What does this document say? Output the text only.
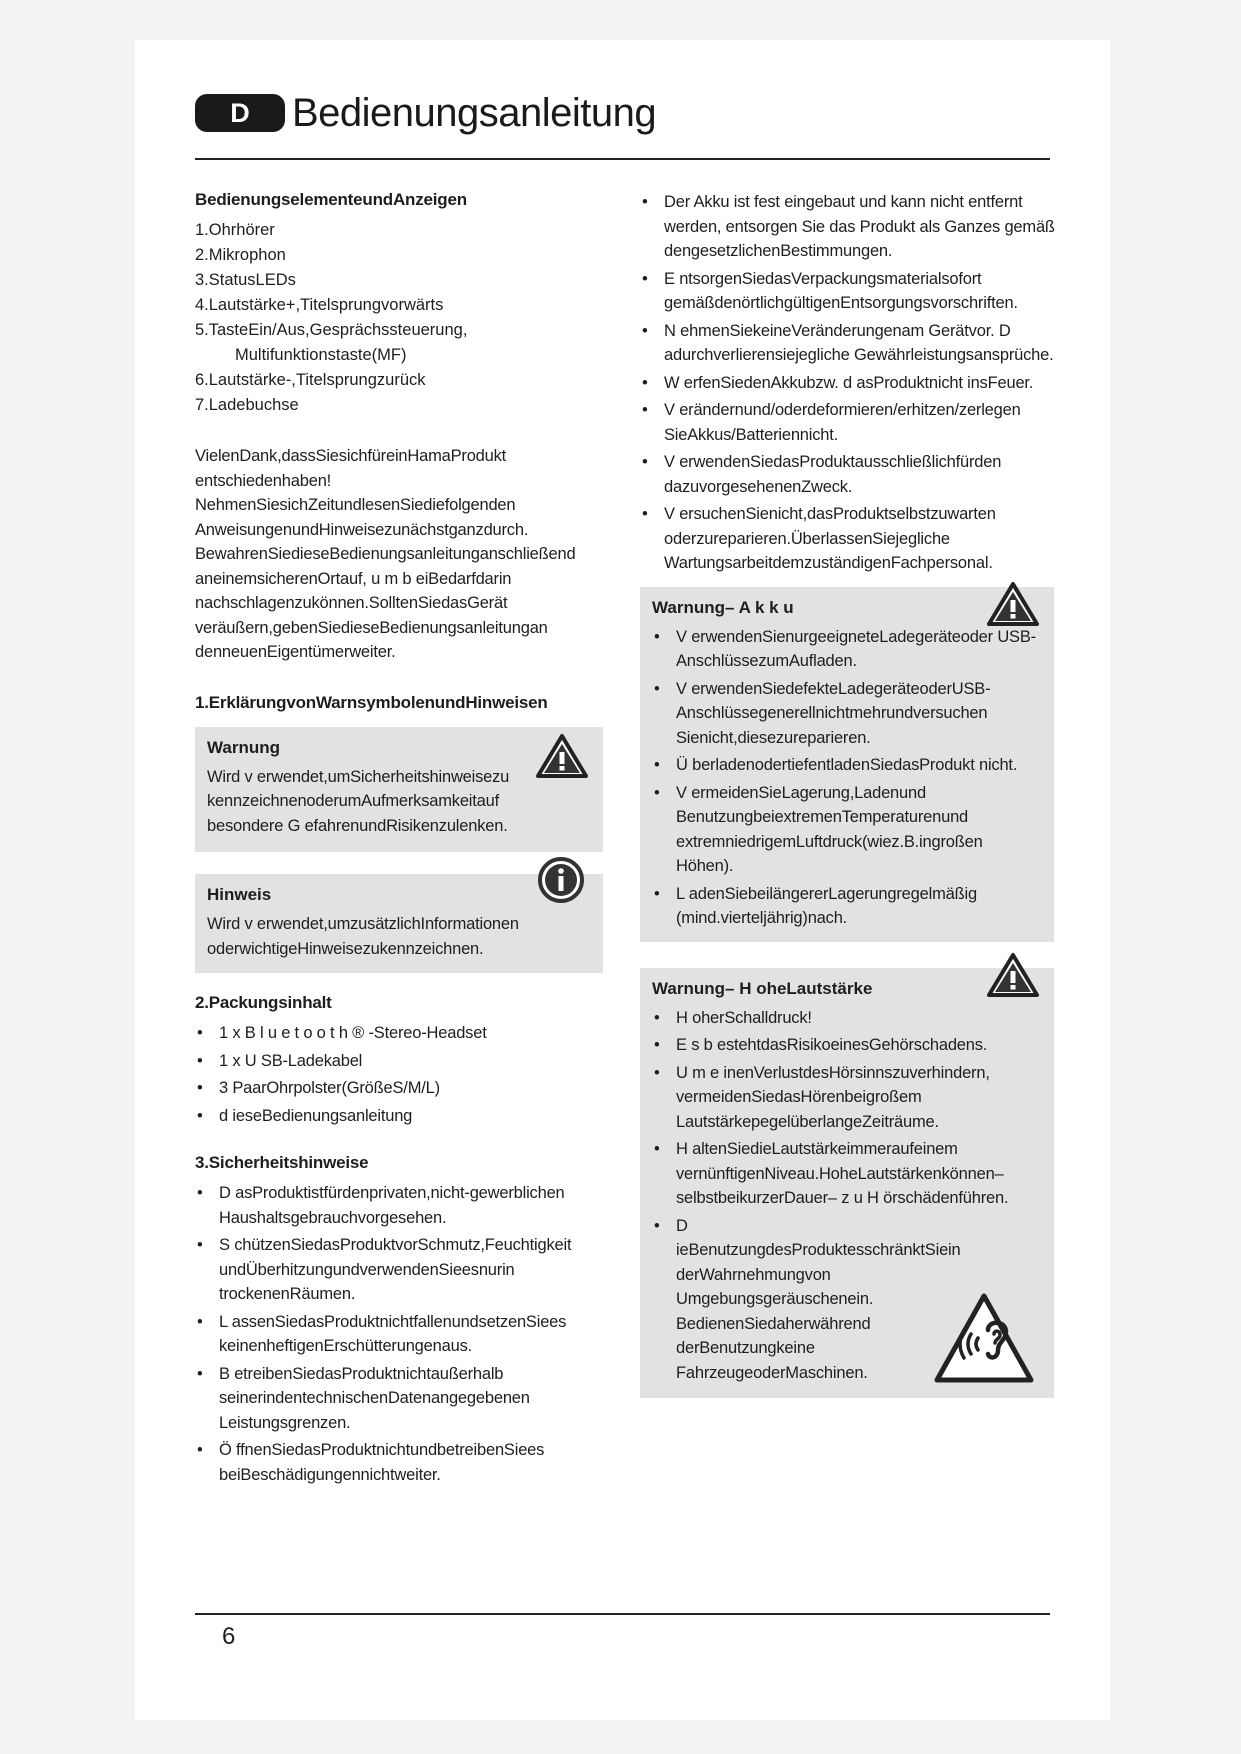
D	Bedienungsanleitung
BedienungselementeundAnzeigen
1.Ohrhörer
2.Mikrophon
3.StatusLEDs
4.Lautstärke+,Titelsprungvorwärts
5.TasteEin/Aus,Gesprächssteuerung,
Multifunktionstaste(MF)
6.Lautstärke-,Titelsprungzurück
7.Ladebuchse
VielenDank,dassSiesichfüreinHamaProdukt entschiedenhaben!
NehmenSiesichZeitundlesenSiediefolgenden AnweisungenundHinweisezunächstganzdurch.
BewahrenSiedieseBedienungsanleitunganschließend aneinemsicherenOrtauf, u m b eiBedarfdarin nachschlagenzukönnen.SolltenSiedasGerät veräußern,gebenSiedieseBedienungsanleitungan denneuenEigentümerweiter.
1.ErklärungvonWarnsymbolenundHinweisen
Warnung
Wird v erwendet,umSicherheitshinweisezu kennzeichnenoderumAufmerksamkeitauf besondere G efahrenundRisikenzulenken.
Hinweis
Wird v erwendet,umzusätzlichInformationen oderwichtigeHinweisezukennzeichnen.
2.Packungsinhalt
• 1 x B l u e t o o t h ® -Stereo-Headset
• 1 x U SB-Ladekabel
• 3 PaarOhrpolster(GrößeS/M/L)
• d ieseBedienungsanleitung
3.Sicherheitshinweise
• D asProduktistfürdenprivaten,nicht-gewerblichen Haushaltsgebrauchvorgesehen.
• S chützenSiedasProduktvorSchmutz,Feuchtigkeit undÜberhitzungundverwendenSieesnurin trockenenRäumen.
• L assenSiedasProduktnichtfallenundsetzenSiees keinenheftigenErschütterungenaus.
• B etreibenSiedasProduktnichtaußerhalb seinerindentechnischenDatenangegebenen Leistungsgrenzen.
• Ö ffnenSiedasProduktnichtundbetreibenSiees beiBeschädigungennichtweiter.
• Der Akku ist fest eingebaut und kann nicht entfernt werden, entsorgen Sie das Produkt als Ganzes gemäß dengesetzlichenBestimmungen.
• E ntsorgenSiedasVerpackungsmaterialsofort gemäßdenörtlichgültigenEntsorgungsvorschriften.
• N ehmenSiekeineVeränderungenam Gerätvor. D adurchverlierensiejegliche Gewährleistungsansprüche.
• W erfenSiedenAkkubzw. d asProduktnicht insFeuer.
• V erändernund/oderdeformieren/erhitzen/zerlegen SieAkkus/Batteriennicht.
• V erwendenSiedasProduktausschließlichfürden dazuvorgesehenenZweck.
• V ersuchenSienicht,dasProduktselbstzuwarten oderzureparieren.ÜberlassenSiejegliche WartungsarbeitdemzuständigenFachpersonal.
Warnung– A k k u
• V erwendenSienurgeeigneteLadegeräteoder USB-AnschlüssezumAufladen.
• V erwendenSiedefekteLadegeräteoderUSB- Anschlüssegenerellnichtmehrundversuchen Sienicht,diesezureparieren.
• Ü berladenodertiefentladenSiedasProdukt nicht.
• V ermeidenSieLagerung,Ladenund BenutzungbeiextremenTemperaturenund extremniedrigemLuftdruck(wiez.B.ingroßen Höhen).
• L adenSiebeilängererLagerungregelmäßig (mind.vierteljährig)nach.
Warnung– H oheLautstärke
• H oherSchalldruck!
• E s b estehtdasRisikoeinesGehörschadens.
• U m e inenVerlustdesHörsinnszuverhindern, vermeidenSiedasHörenbeigroßem LautstärkepegelüberlangeZeiträume.
• H altenSiedieLautstärkeimmeraufeinem vernünftigenNiveau.HoheLautstärkenkönnen– selbstbeikurzerDauer– z u H örschädenführen.
• D ieBenutzungdesProduktesschränktSiein derWahrnehmungvon Umgebungsgeräuschenein. BedienenSiedaherwährend derBenutzungkeine FahrzeugeoderMaschinen.
6
